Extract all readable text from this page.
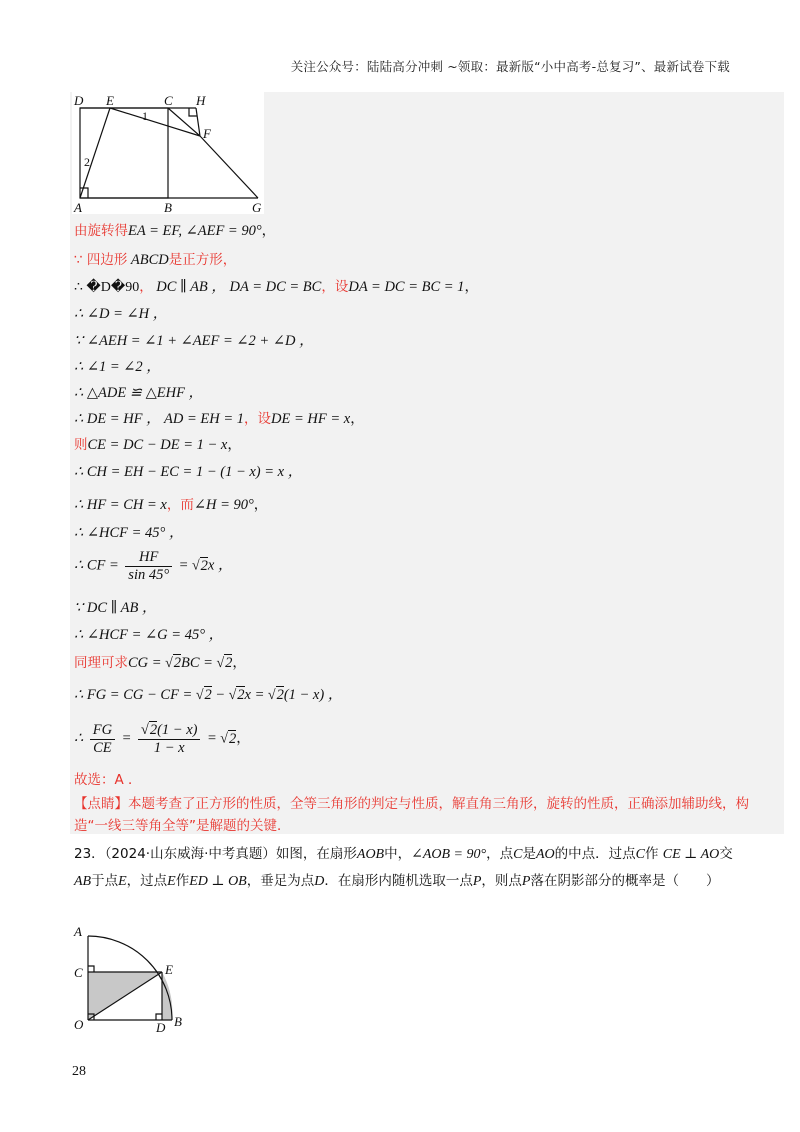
关注公众号：陆陆高分冲刺 ~领取：最新版“小中高考-总复习”、最新试卷下载
D E	C H
F
A	B	G
1
2
由旋转得EA = EF, ∠AEF = 90°，
∵ 四边形 ABCD是正方形，
∴ �D�90， DC ∥ AB ， DA = DC = BC，设DA = DC = BC = 1，
∴ ∠D = ∠H ，
∵ ∠AEH = ∠1 + ∠AEF = ∠2 + ∠D ，
∴ ∠1 = ∠2 ，
∴ △ADE ≌ △EHF ，
∴ DE = HF ， AD = EH = 1，设DE = HF = x，
则CE = DC − DE = 1 − x，
∴ CH = EH − EC = 1 − (1 − x) = x ，
∴ HF = CH = x，而∠H = 90°，
∴ ∠HCF = 45° ，
∴ CF = $\frac{HF}{\sin 45^\circ} = √2x$ ，
∵ DC ∥ AB ，
∴ ∠HCF = ∠G = 45° ，
同理可求CG = √2BC = √2，
∴ FG = CG − CF = √2 − √2x = √2(1 − x) ，
∴ $\frac{FG}{CE} = \frac{√2(1 - x)}{1 - x} = √2$，
故选：A ．
【点睛】本题考查了正方形的性质，全等三角形的判定与性质，解直角三角形，旋转的性质，正确添加辅助线，构造“一线三等角全等”是解题的关键．
23．（2024·山东威海·中考真题）如图，在扇形AOB中，∠AOB = 90°，点C是AO的中点．过点C作 CE ⊥ AO交AB于点E，过点E作ED ⊥ OB，垂足为点D．在扇形内随机选取一点P，则点P落在阴影部分的概率是（　　）
A
C	E
O	D B
28
